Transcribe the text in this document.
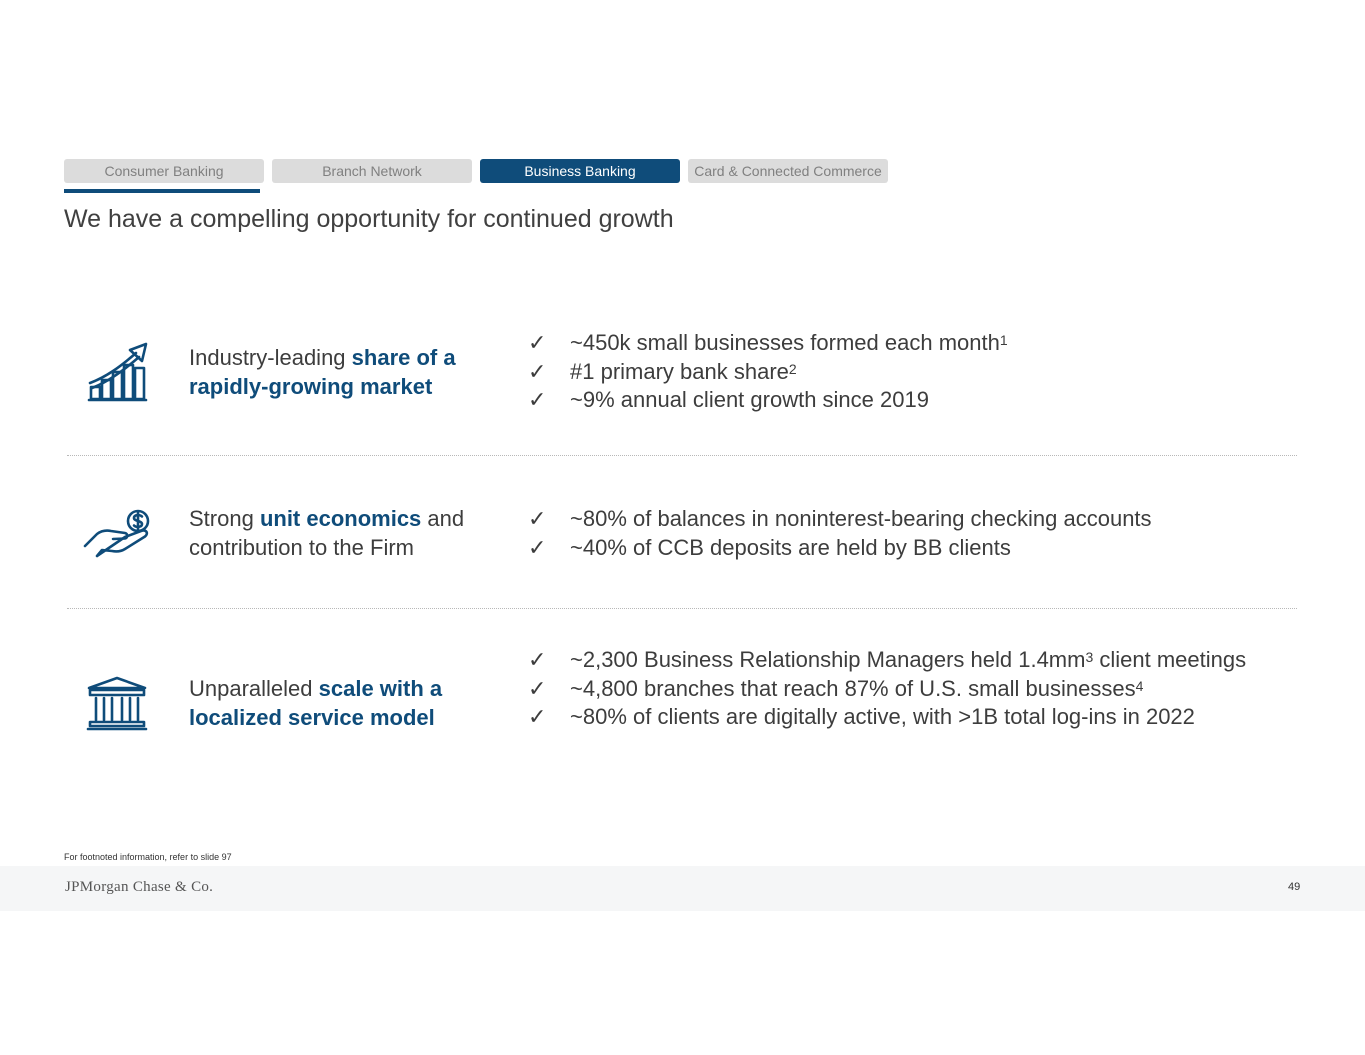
Consumer Banking	Branch Network	Business Banking	Card & Connected Commerce
We have a compelling opportunity for continued growth
Industry-leading share of a rapidly-growing market
✓ ~450k small businesses formed each month$^1$
✓ #1 primary bank share$^2$
✓ ~9% annual client growth since 2019
Strong unit economics and contribution to the Firm
✓ ~80% of balances in noninterest-bearing checking accounts
✓ ~40% of CCB deposits are held by BB clients
Unparalleled scale with a localized service model
✓ ~2,300 Business Relationship Managers held $1.4mm^3$ client meetings
✓ ~4,800 branches that reach 87% of U.S. small businesses$^4$
✓ ~80% of clients are digitally active, with >1B total log-ins in 2022
For footnoted information, refer to slide 97
JPMorgan Chase & Co.	49
